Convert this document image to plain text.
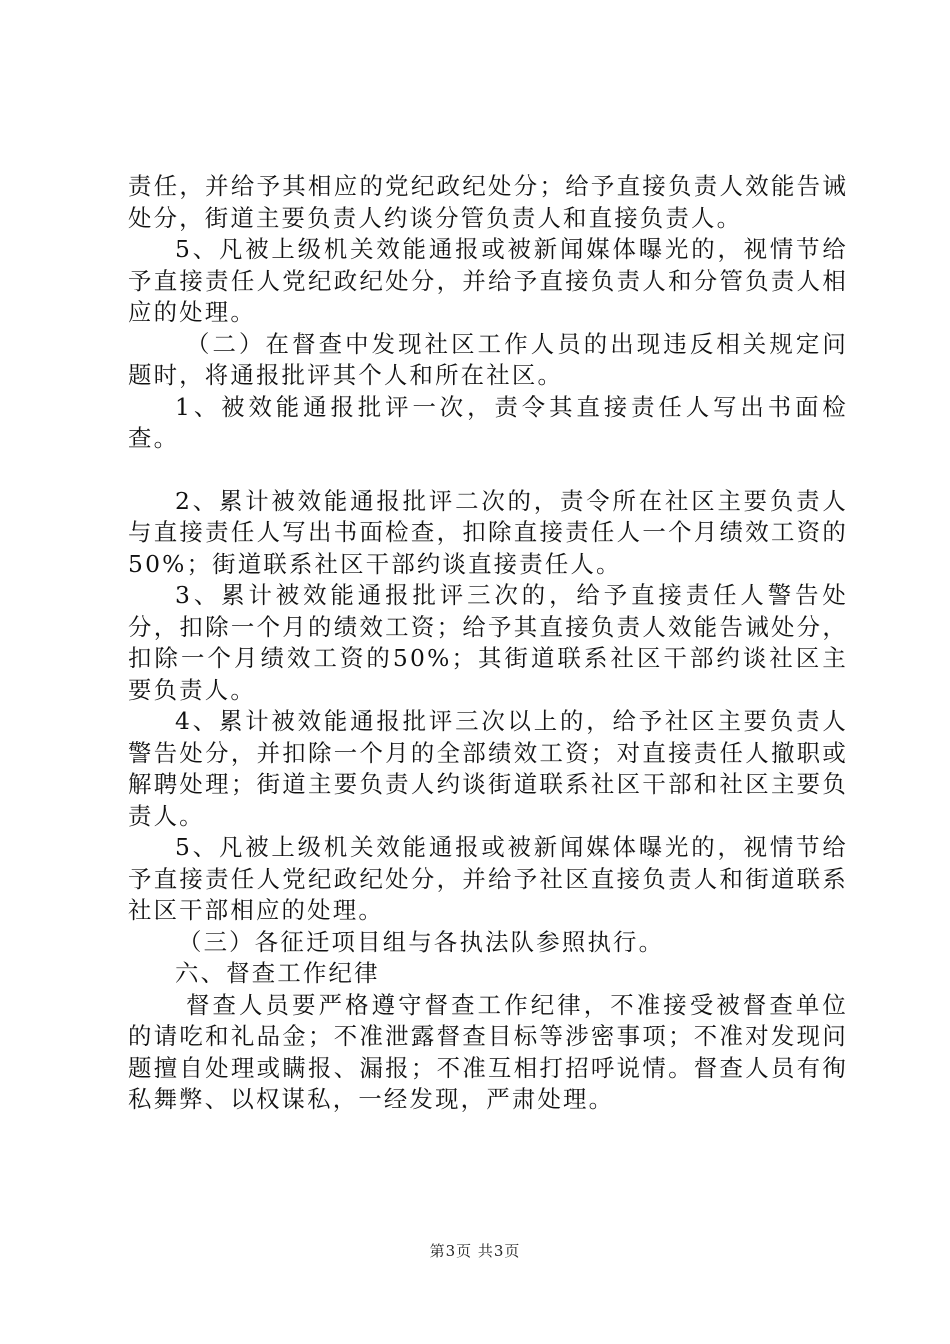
责任，并给予其相应的党纪政纪处分；给予直接负责人效能告诫处分，街道主要负责人约谈分管负责人和直接负责人。

5、凡被上级机关效能通报或被新闻媒体曝光的，视情节给予直接责任人党纪政纪处分，并给予直接负责人和分管负责人相应的处理。

（二）在督查中发现社区工作人员的出现违反相关规定问题时，将通报批评其个人和所在社区。

1、被效能通报批评一次，责令其直接责任人写出书面检查。

2、累计被效能通报批评二次的，责令所在社区主要负责人与直接责任人写出书面检查，扣除直接责任人一个月绩效工资的50%；街道联系社区干部约谈直接责任人。

3、累计被效能通报批评三次的，给予直接责任人警告处分，扣除一个月的绩效工资；给予其直接负责人效能告诫处分，扣除一个月绩效工资的50%；其街道联系社区干部约谈社区主要负责人。

4、累计被效能通报批评三次以上的，给予社区主要负责人警告处分，并扣除一个月的全部绩效工资；对直接责任人撤职或解聘处理；街道主要负责人约谈街道联系社区干部和社区主要负责人。

5、凡被上级机关效能通报或被新闻媒体曝光的，视情节给予直接责任人党纪政纪处分，并给予社区直接负责人和街道联系社区干部相应的处理。

（三）各征迁项目组与各执法队参照执行。

六、督查工作纪律

督查人员要严格遵守督查工作纪律，不准接受被督查单位的请吃和礼品金；不准泄露督查目标等涉密事项；不准对发现问题擅自处理或瞒报、漏报；不准互相打招呼说情。督查人员有徇私舞弊、以权谋私，一经发现，严肃处理。

第3页 共3页
